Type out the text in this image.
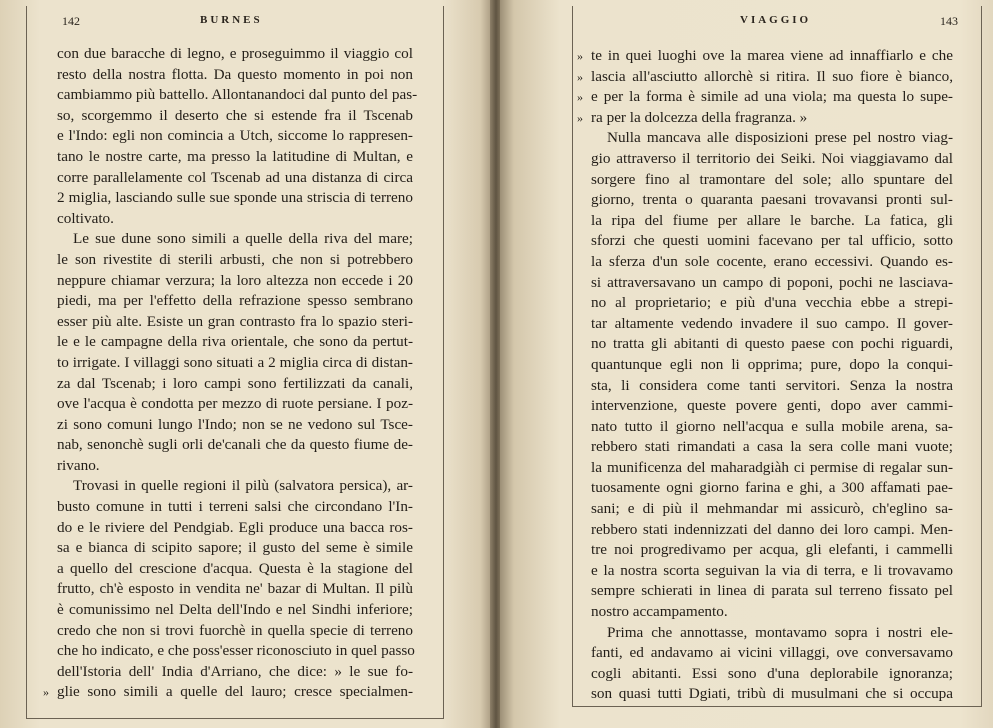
142	BURNES
con due baracche di legno, e proseguimmo il viaggio col
resto della nostra flotta. Da questo momento in poi non
cambiammo più battello. Allontanandoci dal punto del pas-
so, scorgemmo il deserto che si estende fra il Tscenab
e l'Indo: egli non comincia a Utch, siccome lo rappresen-
tano le nostre carte, ma presso la latitudine di Multan, e
corre parallelamente col Tscenab ad una distanza di circa
2 miglia, lasciando sulle sue sponde una striscia di terreno
coltivato.
Le sue dune sono simili a quelle della riva del mare;
le son rivestite di sterili arbusti, che non si potrebbero
neppure chiamar verzura; la loro altezza non eccede i 20
piedi, ma per l'effetto della refrazione spesso sembrano
esser più alte. Esiste un gran contrasto fra lo spazio steri-
le e le campagne della riva orientale, che sono da pertut-
to irrigate. I villaggi sono situati a 2 miglia circa di distan-
za dal Tscenab; i loro campi sono fertilizzati da canali,
ove l'acqua è condotta per mezzo di ruote persiane. I poz-
zi sono comuni lungo l'Indo; non se ne vedono sul Tsce-
nab, senonchè sugli orli de'canali che da questo fiume de-
rivano.
Trovasi in quelle regioni il pilù (salvatora persica), ar-
busto comune in tutti i terreni salsi che circondano l'In-
do e le riviere del Pendgiab. Egli produce una bacca ros-
sa e bianca di scipito sapore; il gusto del seme è simile
a quello del crescione d'acqua. Questa è la stagione del
frutto, ch'è esposto in vendita ne' bazar di Multan. Il pilù
è comunissimo nel Delta dell'Indo e nel Sindhi inferiore;
credo che non si trovi fuorchè in quella specie di terreno
che ho indicato, e che poss'esser riconosciuto in quel passo
dell'Istoria dell' India d'Arriano, che dice: » le sue fo-
» glie sono simili a quelle del lauro; cresce specialmen-
VIAGGIO	143
» te in quei luoghi ove la marea viene ad innaffiarlo e che
» lascia all'asciutto allorchè si ritira. Il suo fiore è bianco,
» e per la forma è simile ad una viola; ma questa lo supe-
» ra per la dolcezza della fragranza. »
Nulla mancava alle disposizioni prese pel nostro viag-
gio attraverso il territorio dei Seiki. Noi viaggiavamo dal
sorgere fino al tramontare del sole; allo spuntare del
giorno, trenta o quaranta paesani trovavansi pronti sul-
la ripa del fiume per allare le barche. La fatica, gli
sforzi che questi uomini facevano per tal ufficio, sotto
la sferza d'un sole cocente, erano eccessivi. Quando es-
si attraversavano un campo di poponi, pochi ne lasciava-
no al proprietario; e più d'una vecchia ebbe a strepi-
tar altamente vedendo invadere il suo campo. Il gover-
no tratta gli abitanti di questo paese con pochi riguardi,
quantunque egli non li opprima; pure, dopo la conqui-
sta, li considera come tanti servitori. Senza la nostra
intervenzione, queste povere genti, dopo aver cammi-
nato tutto il giorno nell'acqua e sulla mobile arena, sa-
rebbero stati rimandati a casa la sera colle mani vuote;
la munificenza del maharadgiàh ci permise di regalar sun-
tuosamente ogni giorno farina e ghi, a 300 affamati pae-
sani; e di più il mehmandar mi assicurò, ch'eglino sa-
rebbero stati indennizzati del danno dei loro campi. Men-
tre noi progredivamo per acqua, gli elefanti, i cammelli
e la nostra scorta seguivan la via di terra, e li trovavamo
sempre schierati in linea di parata sul terreno fissato pel
nostro accampamento.
Prima che annottasse, montavamo sopra i nostri ele-
fanti, ed andavamo ai vicini villaggi, ove conversavamo
cogli abitanti. Essi sono d'una deplorabile ignoranza;
son quasi tutti Dgiati, tribù di musulmani che si occupa
